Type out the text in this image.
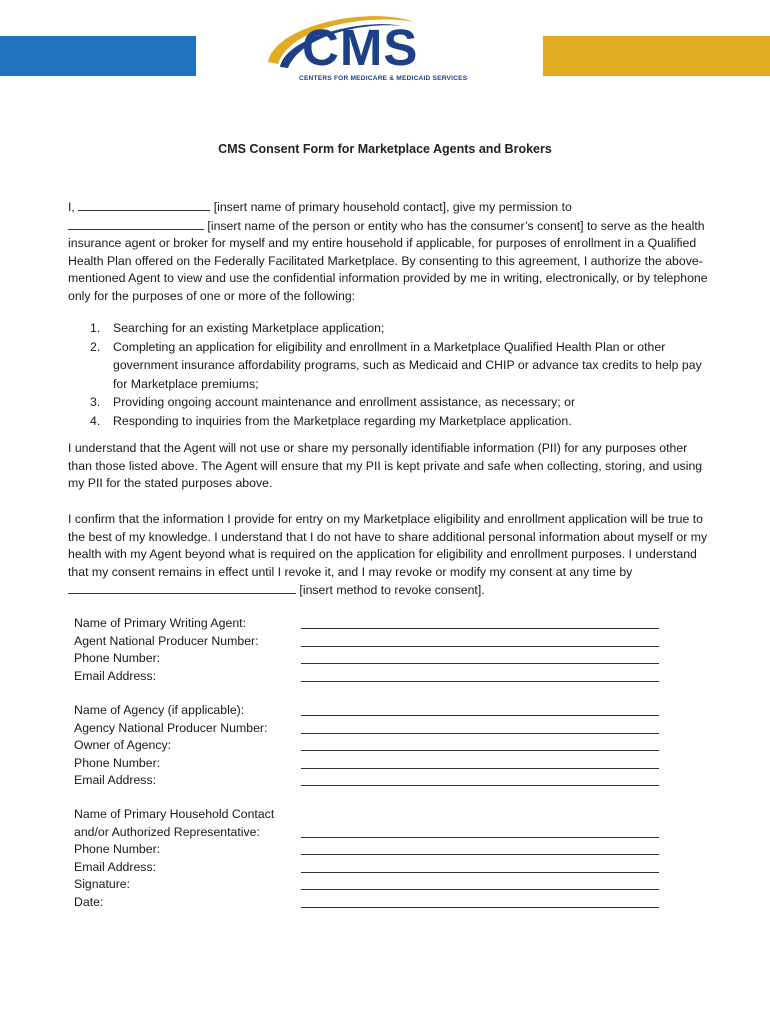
CMS
CENTERS FOR MEDICARE & MEDICAID SERVICES
CMS Consent Form for Marketplace Agents and Brokers
I,	[insert name of primary household contact], give my permission to
[insert name of the person or entity who has the consumer’s consent] to serve as the health insurance agent or broker for myself and my entire household if applicable, for purposes of enrollment in a Qualified Health Plan offered on the Federally Facilitated Marketplace. By consenting to this agreement, I authorize the above-mentioned Agent to view and use the confidential information provided by me in writing, electronically, or by telephone only for the purposes of one or more of the following:
1. Searching for an existing Marketplace application;
2. Completing an application for eligibility and enrollment in a Marketplace Qualified Health Plan or other government insurance affordability programs, such as Medicaid and CHIP or advance tax credits to help pay for Marketplace premiums;
3. Providing ongoing account maintenance and enrollment assistance, as necessary; or
4. Responding to inquiries from the Marketplace regarding my Marketplace application.
I understand that the Agent will not use or share my personally identifiable information (PII) for any purposes other than those listed above. The Agent will ensure that my PII is kept private and safe when collecting, storing, and using my PII for the stated purposes above.
I confirm that the information I provide for entry on my Marketplace eligibility and enrollment application will be true to the best of my knowledge. I understand that I do not have to share additional personal information about myself or my health with my Agent beyond what is required on the application for eligibility and enrollment purposes. I understand that my consent remains in effect until I revoke it, and I may revoke or modify my consent at any time by  [insert method to revoke consent].
Name of Primary Writing Agent:
Agent National Producer Number:
Phone Number:
Email Address:
Name of Agency (if applicable):
Agency National Producer Number:
Owner of Agency:
Phone Number:
Email Address:
Name of Primary Household Contact
and/or Authorized Representative:
Phone Number:
Email Address:
Signature:
Date:
